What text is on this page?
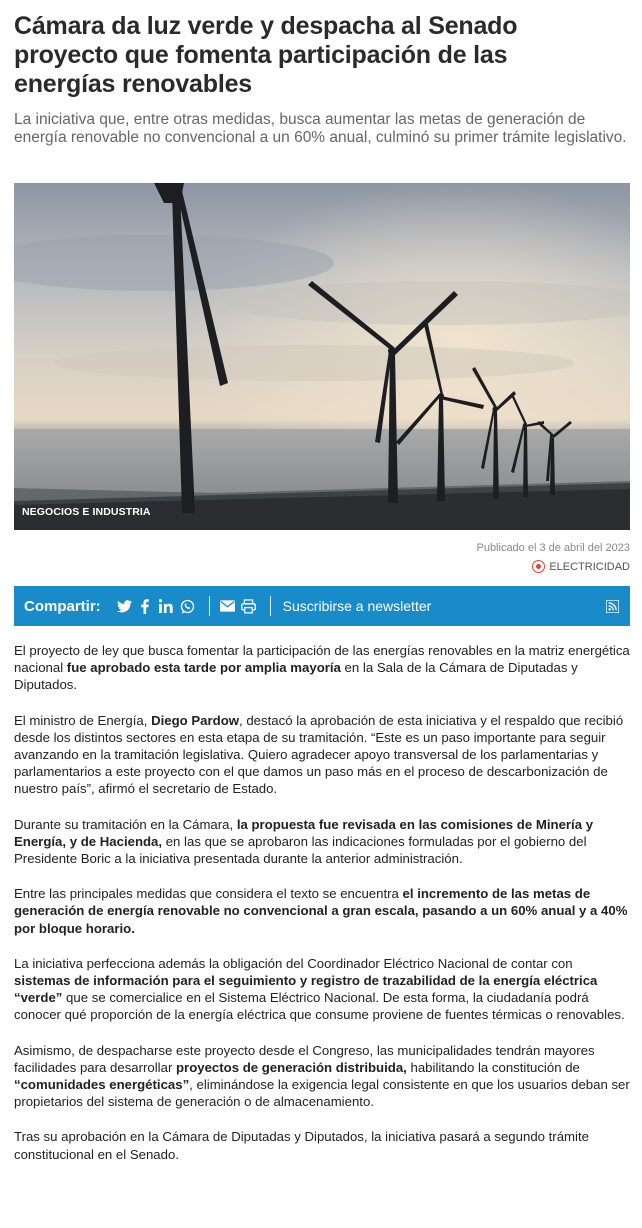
Cámara da luz verde y despacha al Senado proyecto que fomenta participación de las energías renovables

La iniciativa que, entre otras medidas, busca aumentar las metas de generación de energía renovable no convencional a un 60% anual, culminó su primer trámite legislativo.

NEGOCIOS E INDUSTRIA
Publicado el 3 de abril del 2023
ELECTRICIDAD
Compartir:	Suscribirse a newsletter

El proyecto de ley que busca fomentar la participación de las energías renovables en la matriz energética nacional fue aprobado esta tarde por amplia mayoría en la Sala de la Cámara de Diputadas y Diputados.

El ministro de Energía, Diego Pardow, destacó la aprobación de esta iniciativa y el respaldo que recibió desde los distintos sectores en esta etapa de su tramitación. “Este es un paso importante para seguir avanzando en la tramitación legislativa. Quiero agradecer apoyo transversal de los parlamentarias y parlamentarios a este proyecto con el que damos un paso más en el proceso de descarbonización de nuestro país”, afirmó el secretario de Estado.

Durante su tramitación en la Cámara, la propuesta fue revisada en las comisiones de Minería y Energía, y de Hacienda, en las que se aprobaron las indicaciones formuladas por el gobierno del Presidente Boric a la iniciativa presentada durante la anterior administración.

Entre las principales medidas que considera el texto se encuentra el incremento de las metas de generación de energía renovable no convencional a gran escala, pasando a un 60% anual y a 40% por bloque horario.

La iniciativa perfecciona además la obligación del Coordinador Eléctrico Nacional de contar con sistemas de información para el seguimiento y registro de trazabilidad de la energía eléctrica “verde” que se comercialice en el Sistema Eléctrico Nacional. De esta forma, la ciudadanía podrá conocer qué proporción de la energía eléctrica que consume proviene de fuentes térmicas o renovables.

Asimismo, de despacharse este proyecto desde el Congreso, las municipalidades tendrán mayores facilidades para desarrollar proyectos de generación distribuida, habilitando la constitución de “comunidades energéticas”, eliminándose la exigencia legal consistente en que los usuarios deban ser propietarios del sistema de generación o de almacenamiento.

Tras su aprobación en la Cámara de Diputadas y Diputados, la iniciativa pasará a segundo trámite constitucional en el Senado.
